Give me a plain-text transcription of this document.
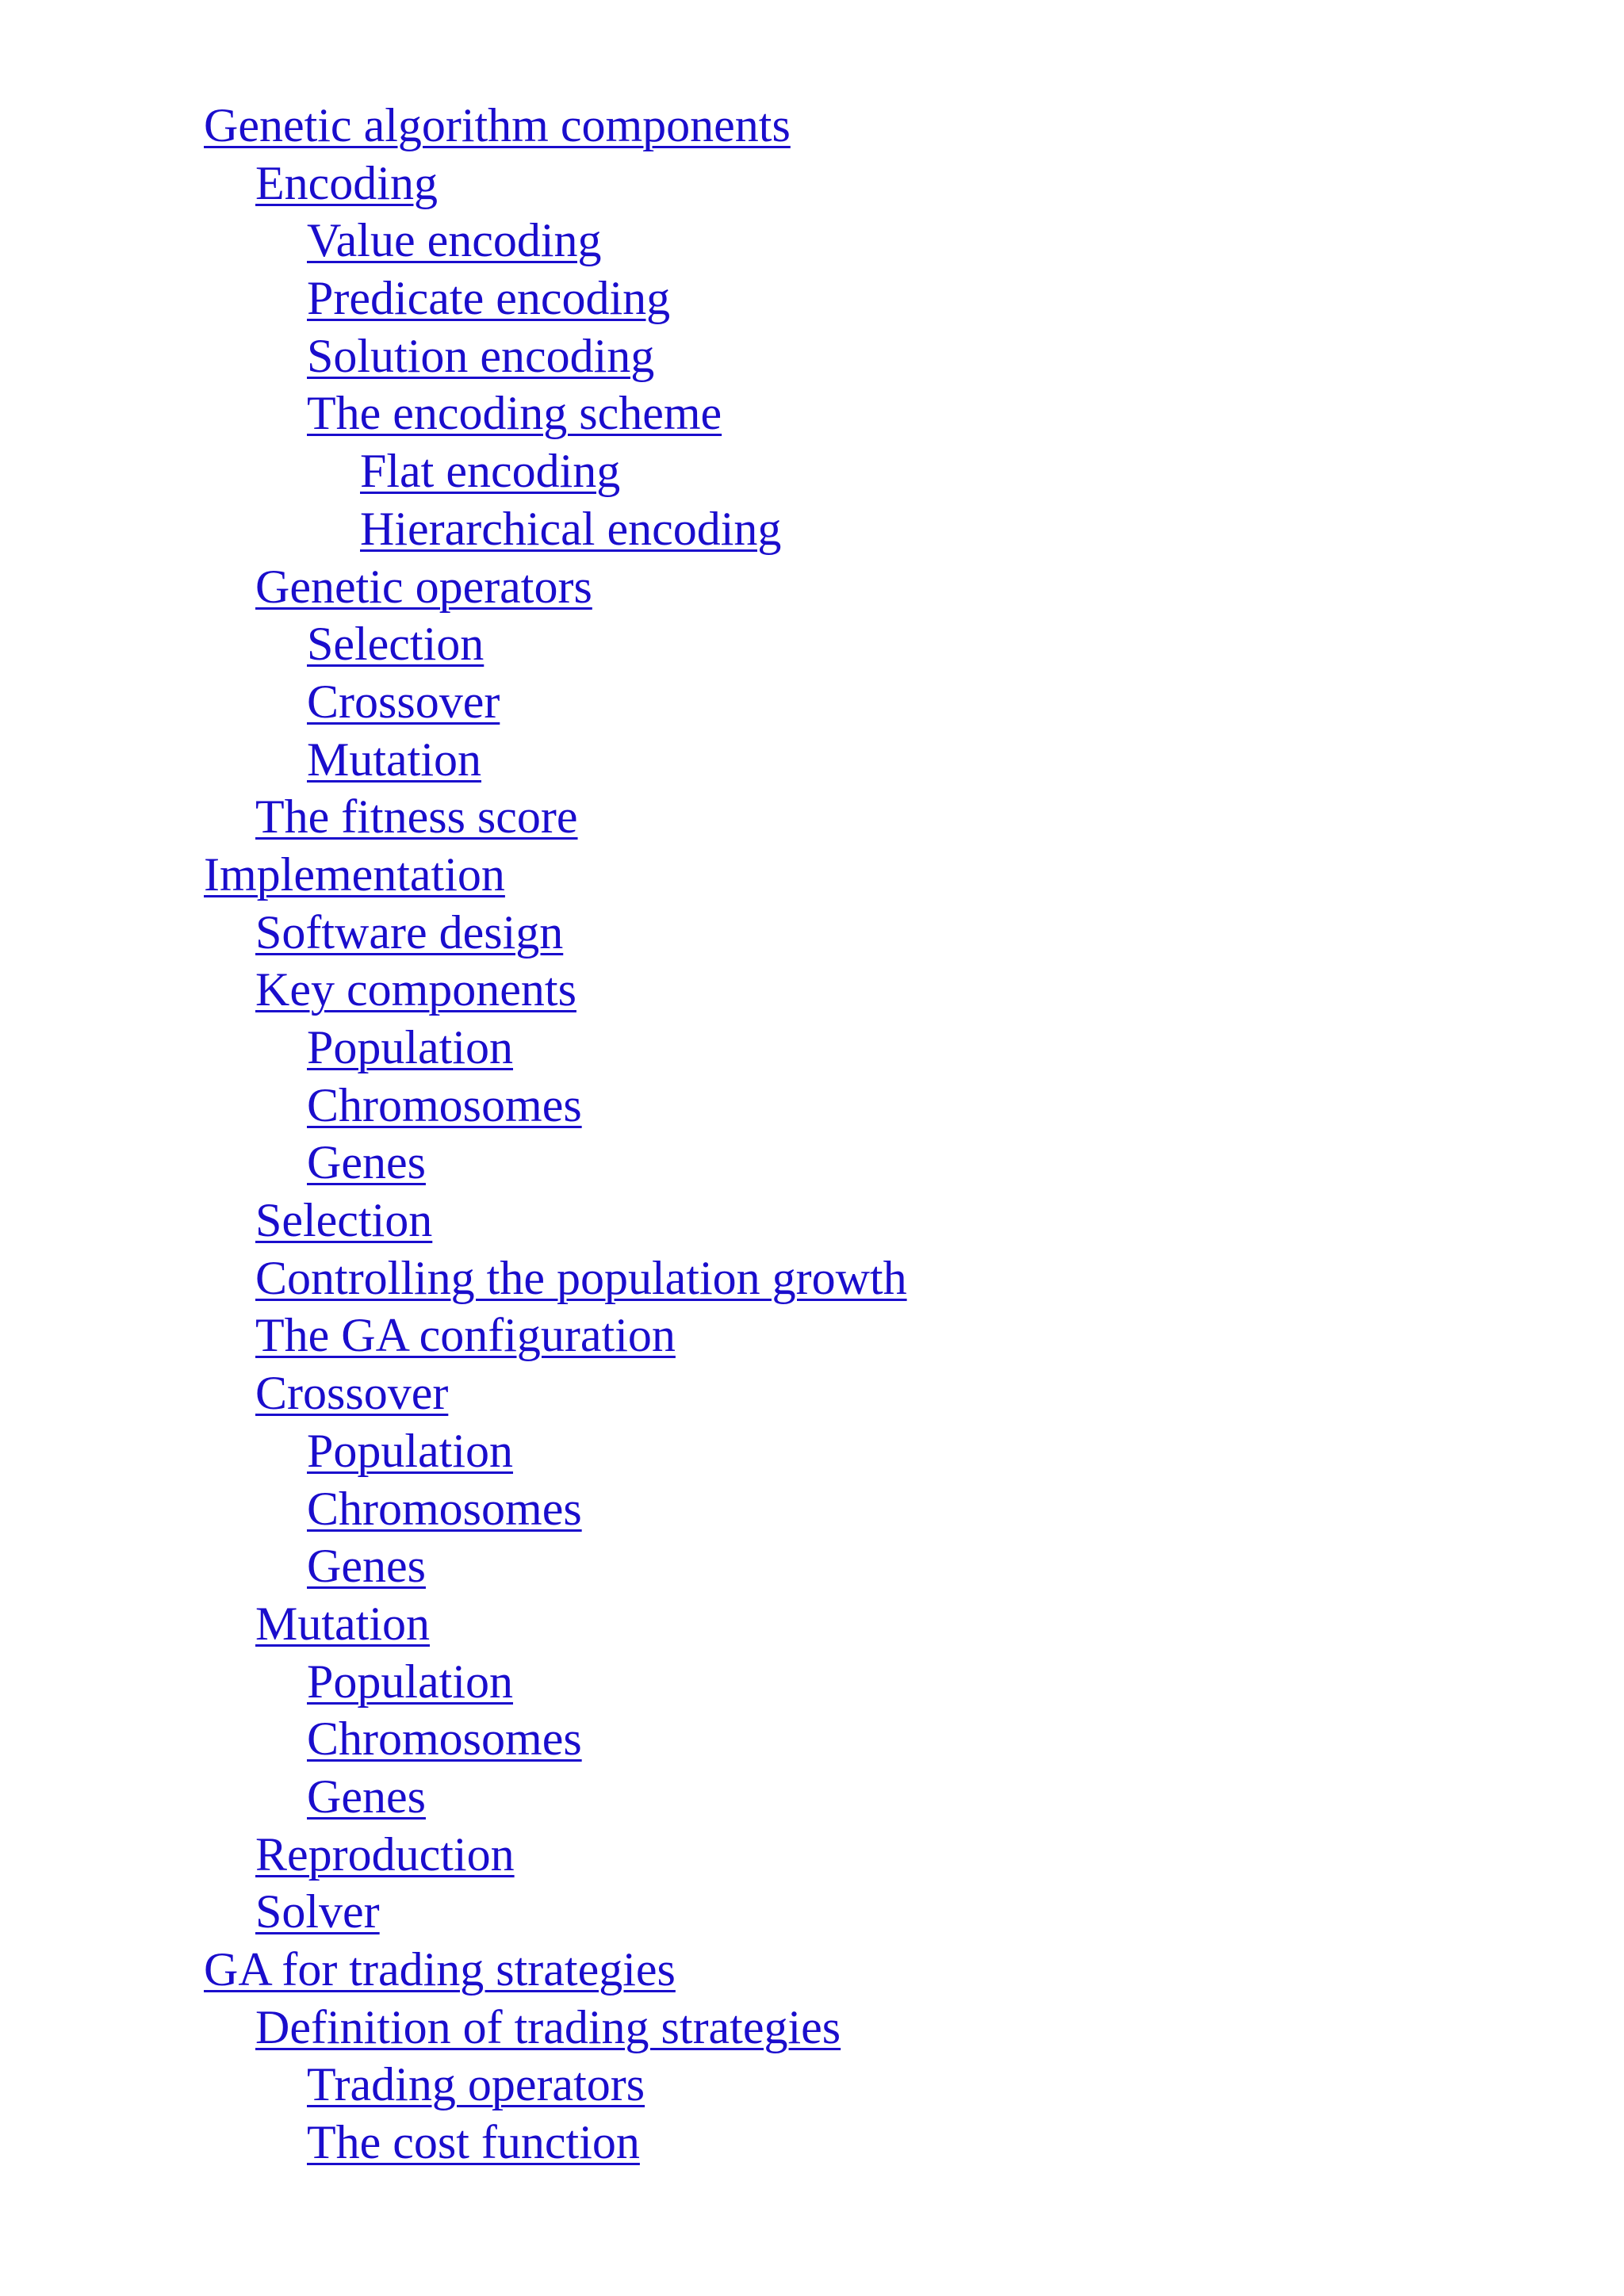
Genetic algorithm components
Encoding
Value encoding
Predicate encoding
Solution encoding
The encoding scheme
Flat encoding
Hierarchical encoding
Genetic operators
Selection
Crossover
Mutation
The fitness score
Implementation
Software design
Key components
Population
Chromosomes
Genes
Selection
Controlling the population growth
The GA configuration
Crossover
Population
Chromosomes
Genes
Mutation
Population
Chromosomes
Genes
Reproduction
Solver
GA for trading strategies
Definition of trading strategies
Trading operators
The cost function
